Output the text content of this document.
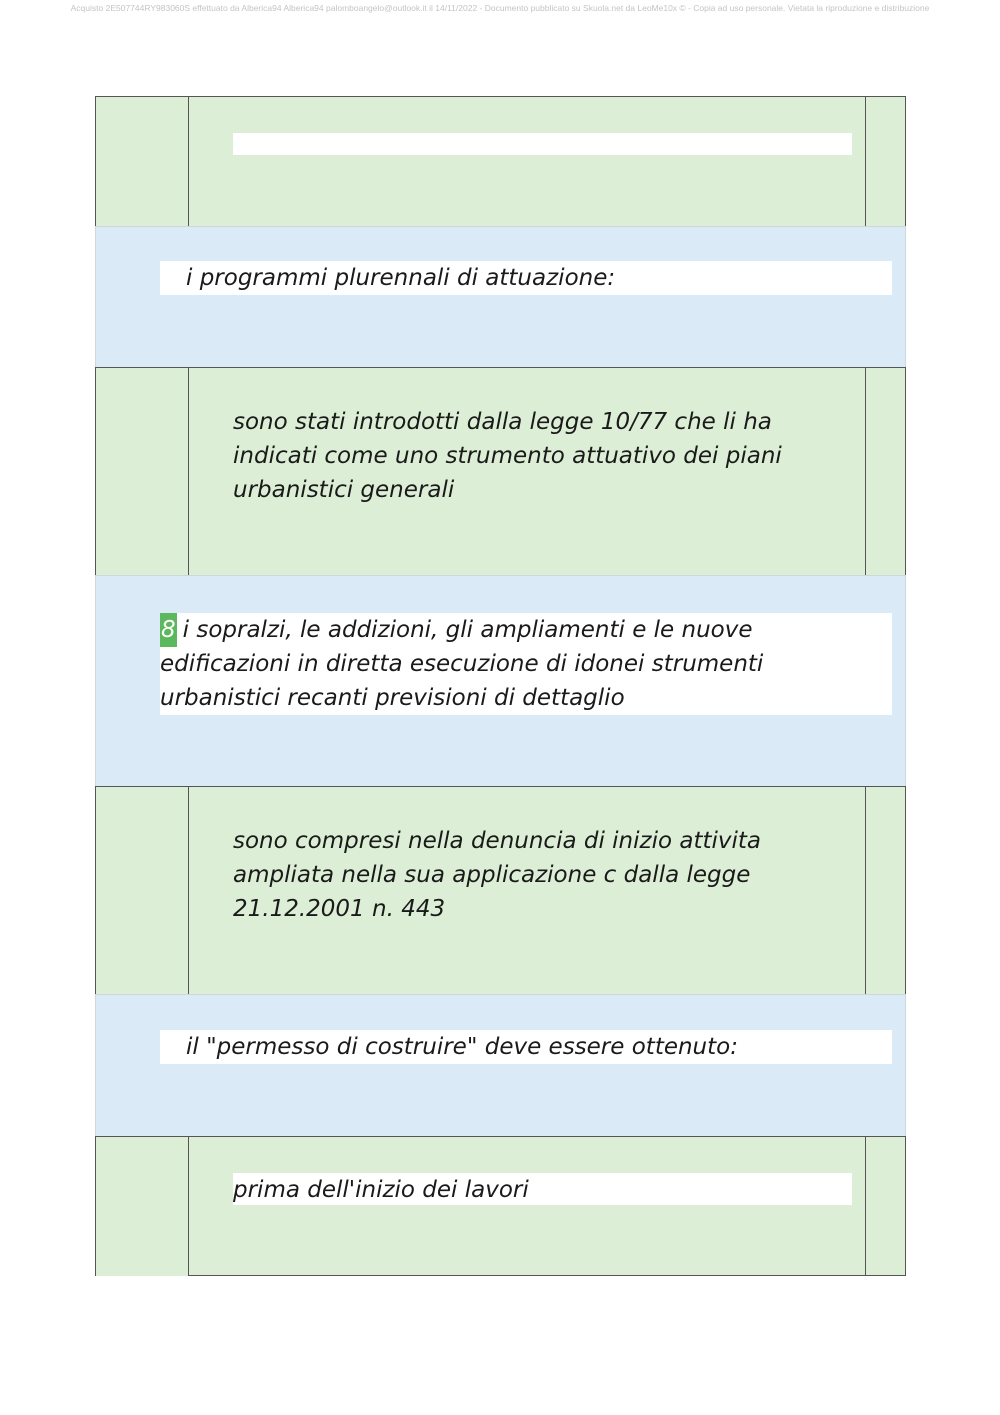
Acquisto 2E507744RY983060S effettuato da Alberica94 Alberica94 palomboangelo@outlook.it il 14/11/2022 - Documento pubblicato su Skuola.net da LeoMe10x © - Copia ad uso personale. Vietata la riproduzione e distribuzione
i programmi plurennali di attuazione:
sono stati introdotti dalla legge 10/77 che li ha
indicati come uno strumento attuativo dei piani
urbanistici generali
8 i sopralzi, le addizioni, gli ampliamenti e le nuove
edificazioni in diretta esecuzione di idonei strumenti
urbanistici recanti previsioni di dettaglio
sono compresi nella denuncia di inizio attivita
ampliata nella sua applicazione c dalla legge
21.12.2001 n. 443
il "permesso di costruire" deve essere ottenuto:
prima dell'inizio dei lavori
